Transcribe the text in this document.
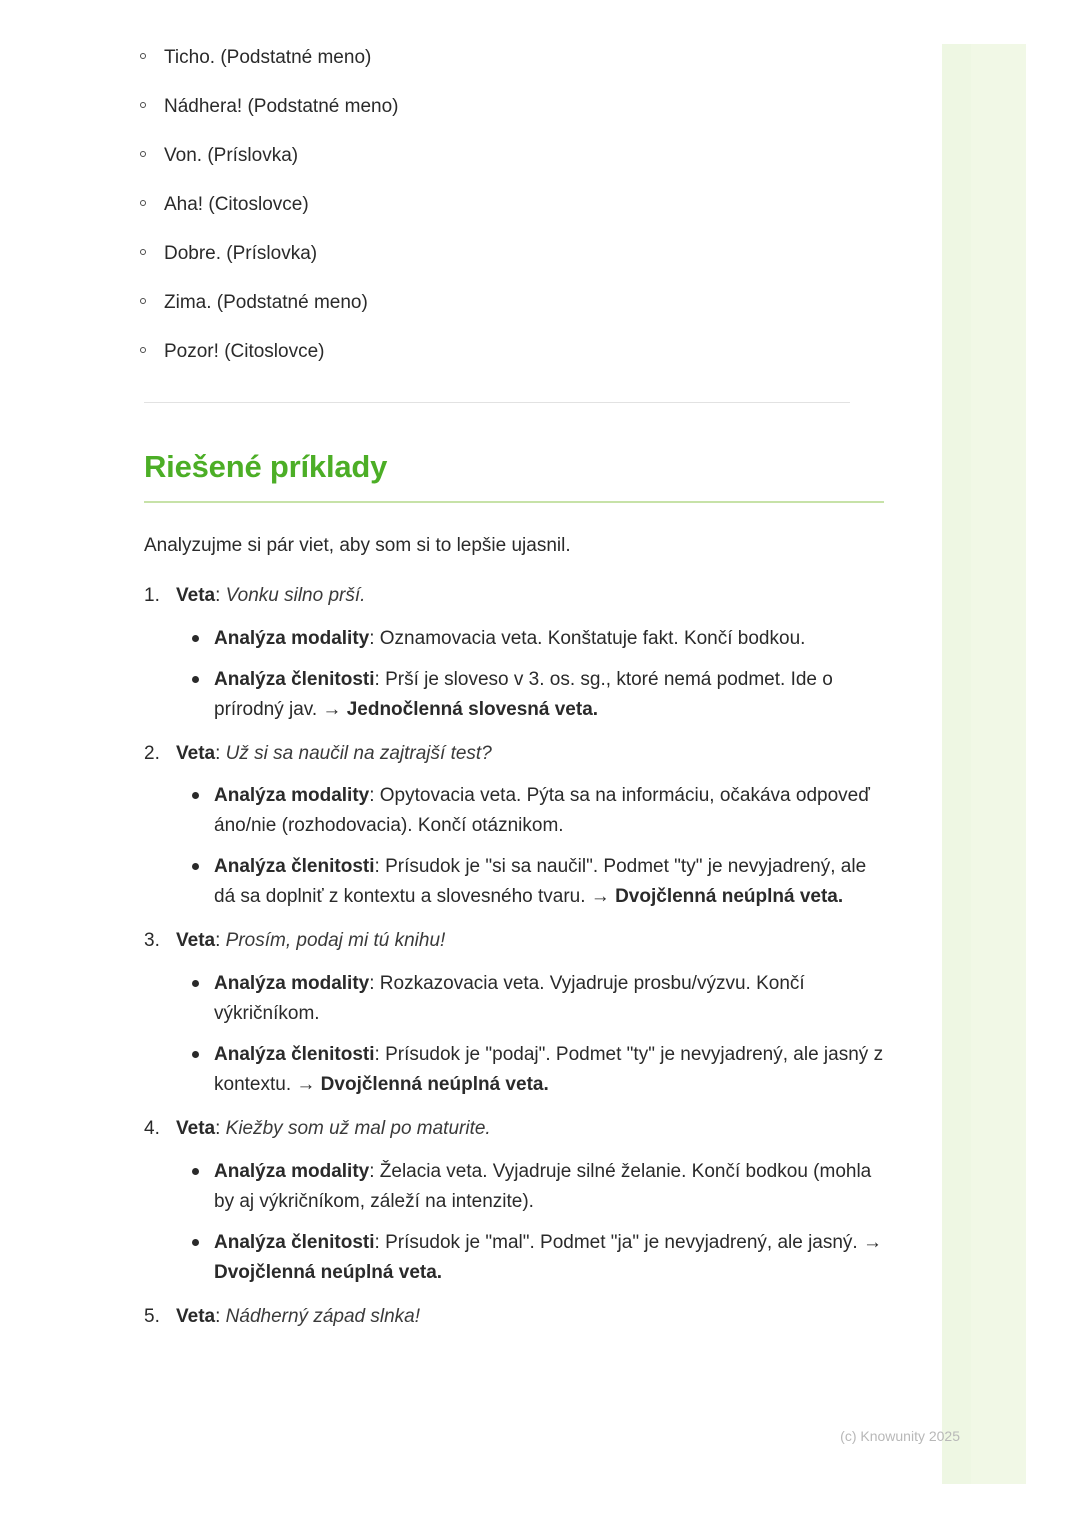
Ticho. (Podstatné meno)
Nádhera! (Podstatné meno)
Von. (Príslovka)
Aha! (Citoslovce)
Dobre. (Príslovka)
Zima. (Podstatné meno)
Pozor! (Citoslovce)
Riešené príklady

Analyzujme si pár viet, aby som si to lepšie ujasnil.

1 . Veta: Vonku silno prší.
Analýza modality: Oznamovacia veta. Konštatuje fakt. Končí bodkou.
Analýza členitosti: Prší je sloveso v 3. os. sg., ktoré nemá podmet. Ide o prírodný jav. → Jednočlenná slovesná veta.
2 . Veta: Už si sa naučil na zajtrajší test?
Analýza modality: Opytovacia veta. Pýta sa na informáciu, očakáva odpoveď áno/nie (rozhodovacia). Končí otáznikom.
Analýza členitosti: Prísudok je "si sa naučil". Podmet "ty" je nevyjadrený, ale dá sa doplniť z kontextu a slovesného tvaru. → Dvojčlenná neúplná veta.
3 . Veta: Prosím, podaj mi tú knihu!
Analýza modality: Rozkazovacia veta. Vyjadruje prosbu/výzvu. Končí výkričníkom.
Analýza členitosti: Prísudok je "podaj". Podmet "ty" je nevyjadrený, ale jasný z kontextu. → Dvojčlenná neúplná veta.
4 . Veta: Kiežby som už mal po maturite.
Analýza modality: Želacia veta. Vyjadruje silné želanie. Končí bodkou (mohla by aj výkričníkom, záleží na intenzite).
Analýza členitosti: Prísudok je "mal". Podmet "ja" je nevyjadrený, ale jasný. → Dvojčlenná neúplná veta.
5 . Veta: Nádherný západ slnka!
(c) Knowunity 2025
